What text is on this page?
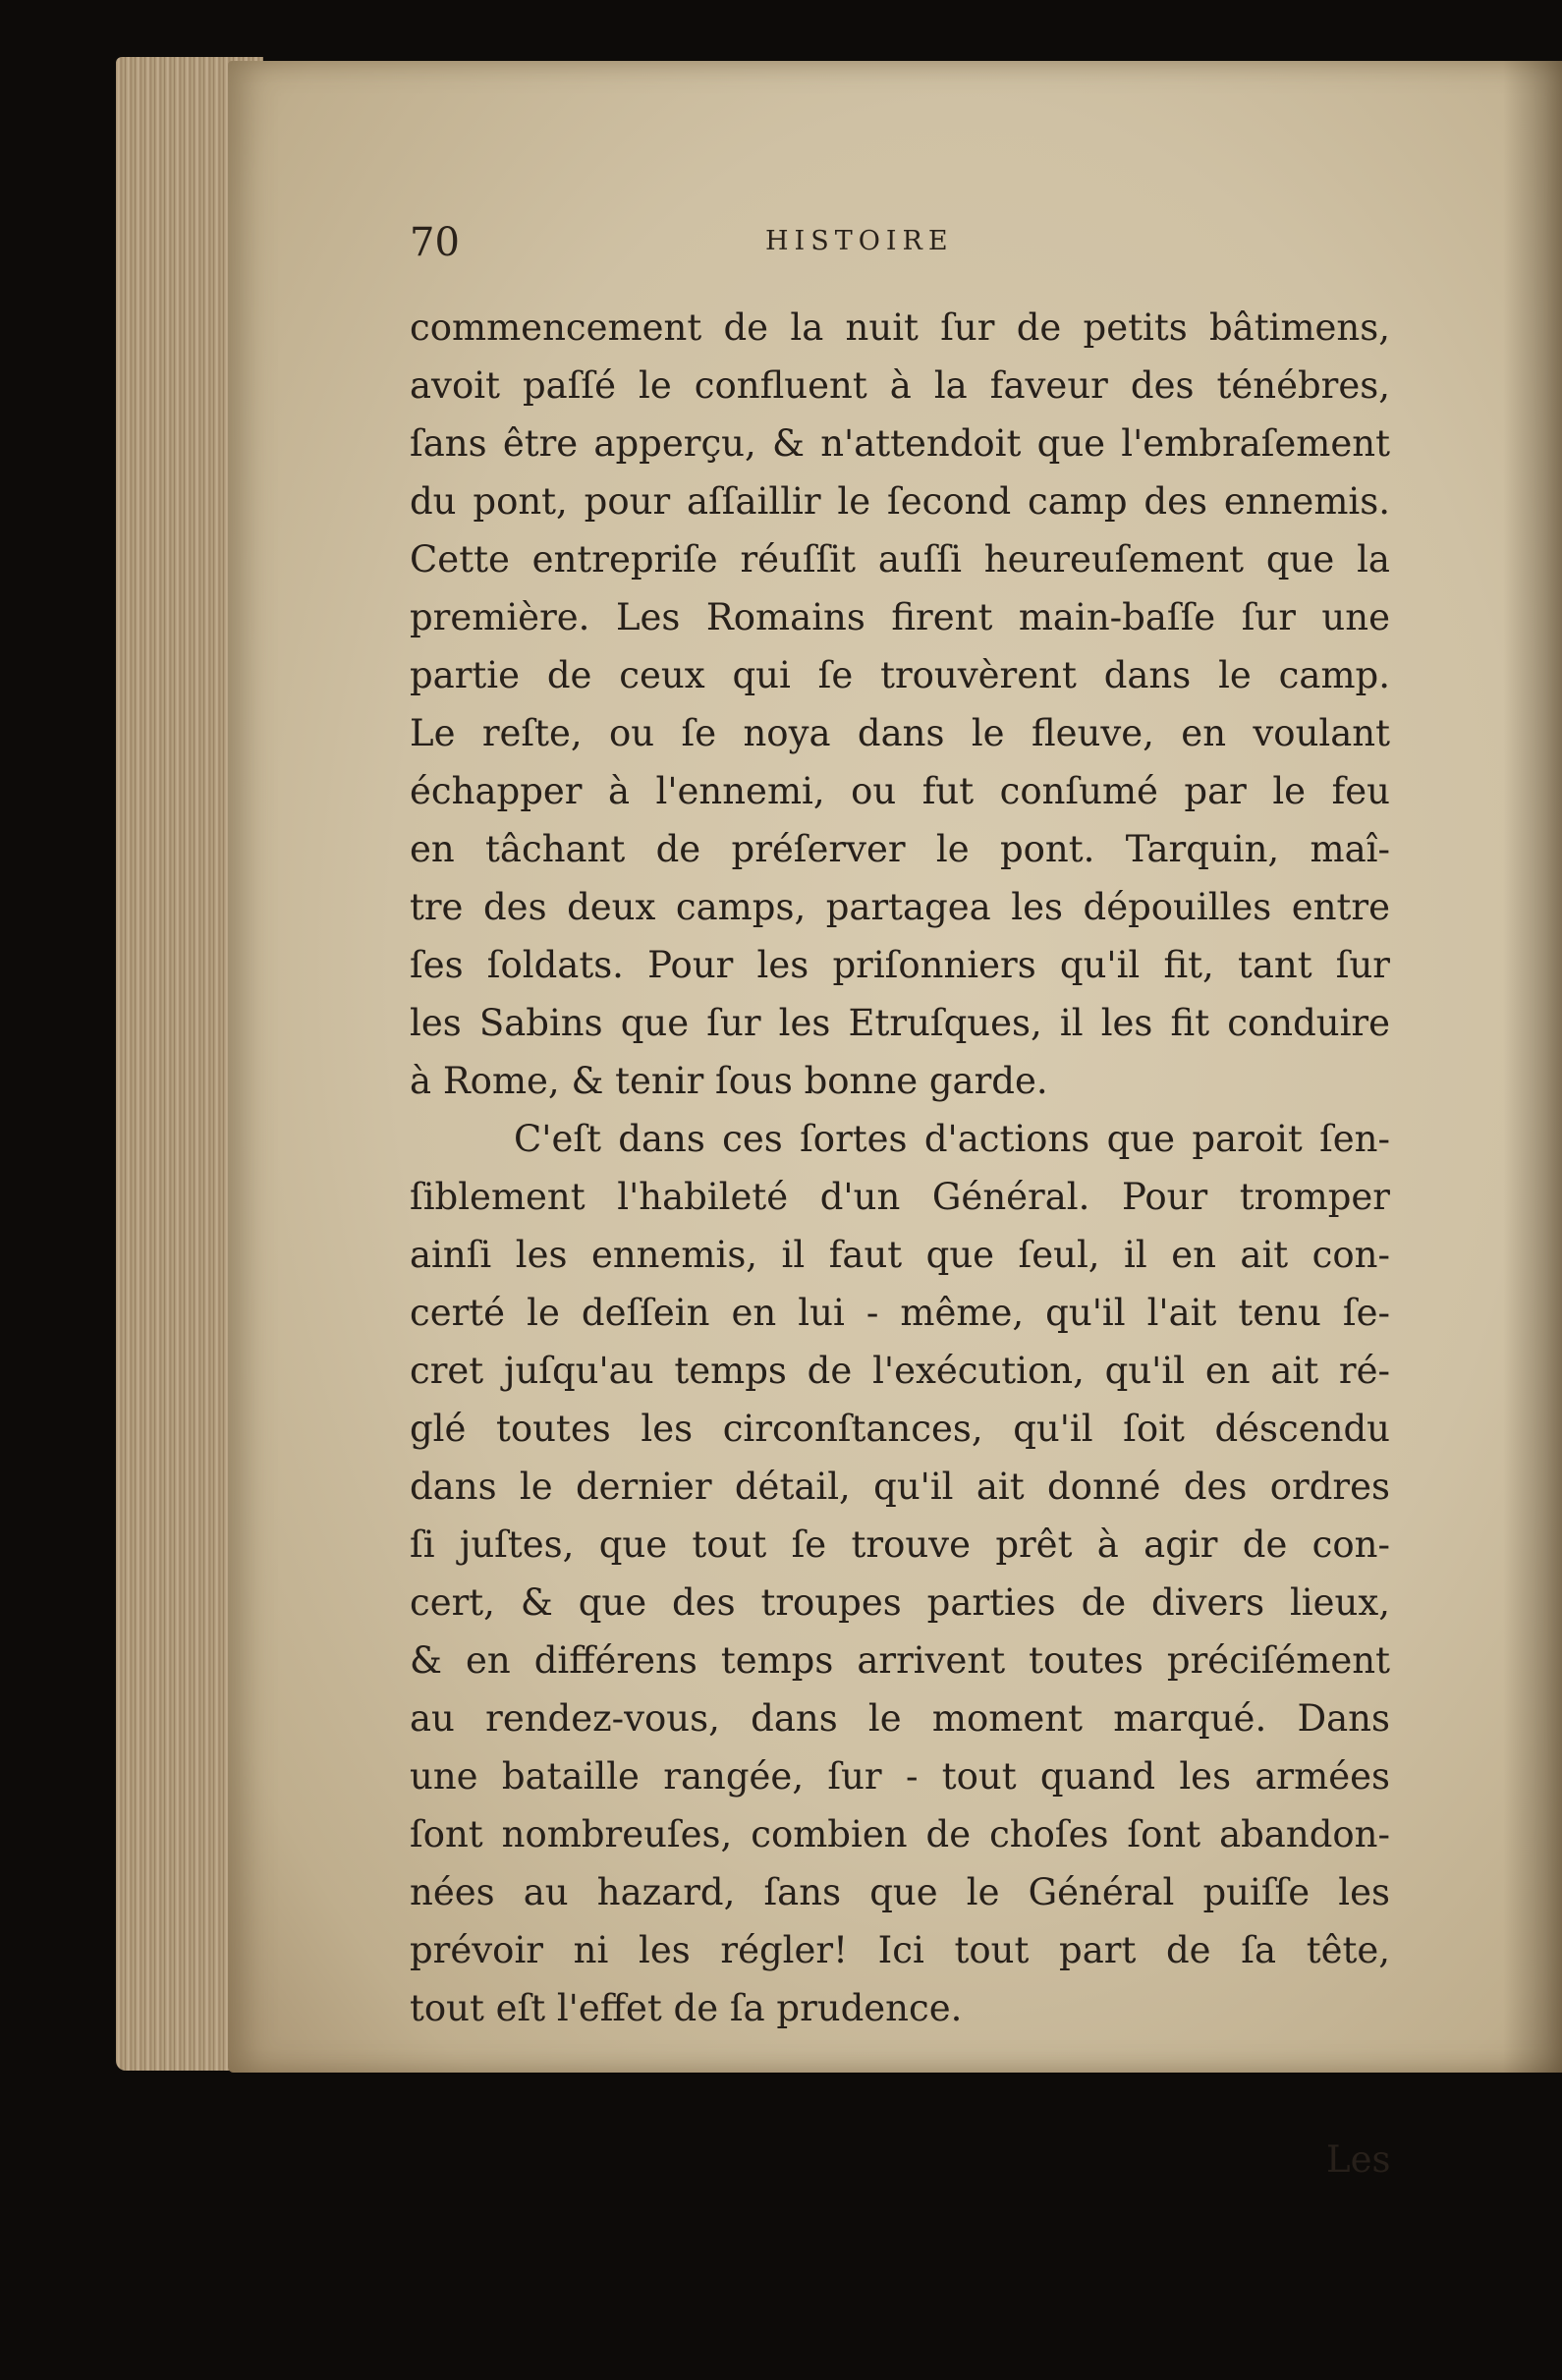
70	HISTOIRE
commencement de la nuit ſur de petits bâtimens,
avoit paſſé le confluent à la faveur des ténébres,
ſans être apperçu, & n'attendoit que l'embraſement
du pont, pour aſſaillir le ſecond camp des ennemis.
Cette entrepriſe réuſſit auſſi heureuſement que la
première. Les Romains firent main-baſſe ſur une
partie de ceux qui ſe trouvèrent dans le camp.
Le reſte, ou ſe noya dans le fleuve, en voulant
échapper à l'ennemi, ou fut conſumé par le feu
en tâchant de préſerver le pont. Tarquin, maî-
tre des deux camps, partagea les dépouilles entre
ſes ſoldats. Pour les priſonniers qu'il fit, tant ſur
les Sabins que ſur les Etruſques, il les fit conduire
à Rome, & tenir ſous bonne garde.
C'eſt dans ces ſortes d'actions que paroit ſen-
ſiblement l'habileté d'un Général. Pour tromper
ainſi les ennemis, il faut que ſeul, il en ait con-
certé le deſſein en lui - même, qu'il l'ait tenu ſe-
cret juſqu'au temps de l'exécution, qu'il en ait ré-
glé toutes les circonſtances, qu'il ſoit déscendu
dans le dernier détail, qu'il ait donné des ordres
ſi juſtes, que tout ſe trouve prêt à agir de con-
cert, & que des troupes parties de divers lieux,
& en différens temps arrivent toutes préciſément
au rendez-vous, dans le moment marqué. Dans
une bataille rangée, ſur - tout quand les armées
ſont nombreuſes, combien de choſes ſont abandon-
nées au hazard, ſans que le Général puiſſe les
prévoir ni les régler! Ici tout part de ſa tête,
tout eſt l'effet de ſa prudence.
Les
